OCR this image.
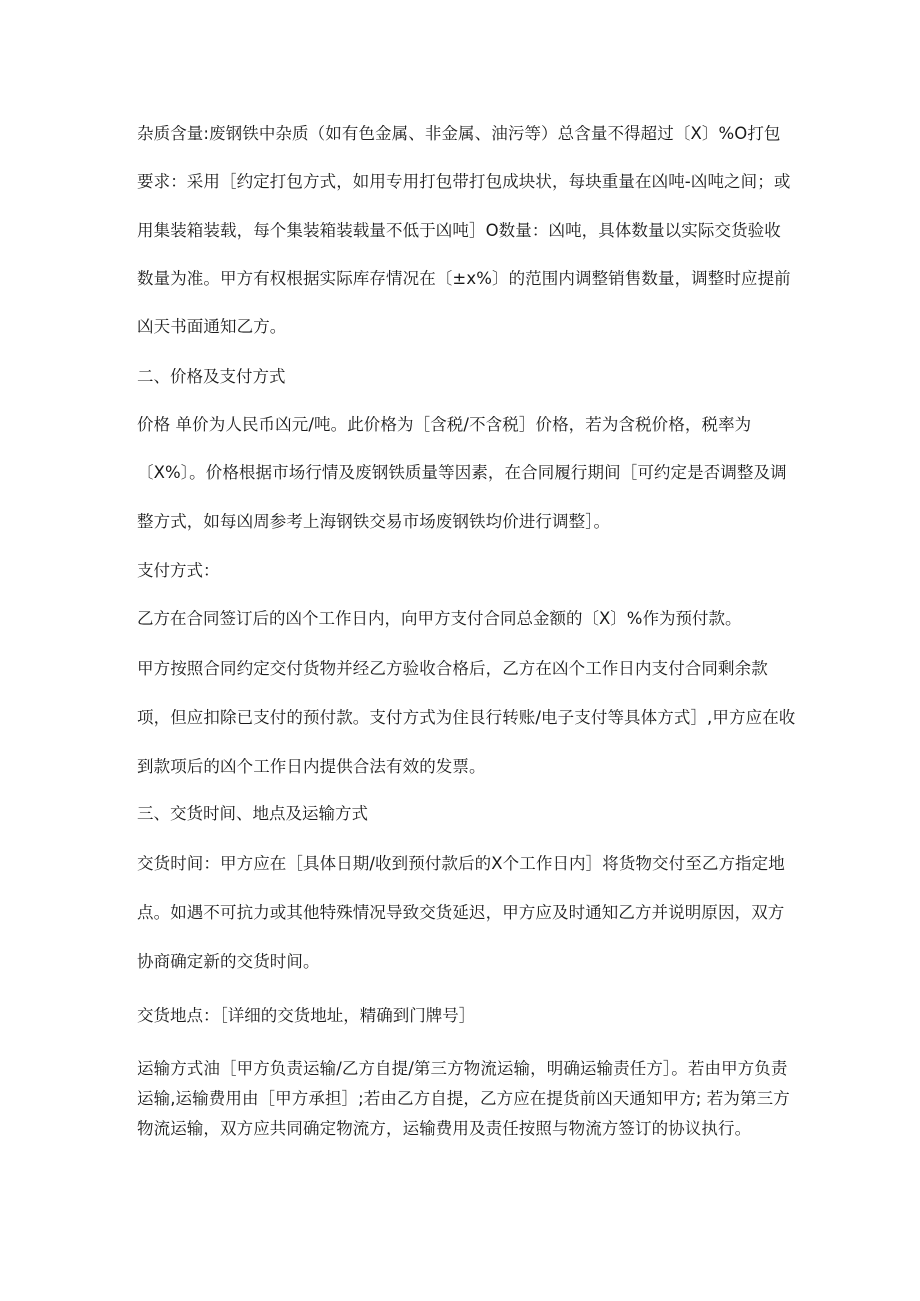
杂质含量:废钢铁中杂质（如有色金属、非金属、油污等）总含量不得超过〔X〕%O打包要求：采用［约定打包方式，如用专用打包带打包成块状，每块重量在凶吨-凶吨之间；或用集装箱装载，每个集装箱装载量不低于凶吨］O数量：凶吨，具体数量以实际交货验收数量为准。甲方有权根据实际库存情况在〔±x%〕的范围内调整销售数量，调整时应提前凶天书面通知乙方。

二、价格及支付方式

价格 单价为人民币凶元/吨。此价格为［含税/不含税］价格，若为含税价格，税率为〔X%〕。价格根据市场行情及废钢铁质量等因素，在合同履行期间［可约定是否调整及调整方式，如每凶周参考上海钢铁交易市场废钢铁均价进行调整］。

支付方式：

乙方在合同签订后的凶个工作日内，向甲方支付合同总金额的〔X〕%作为预付款。

甲方按照合同约定交付货物并经乙方验收合格后，乙方在凶个工作日内支付合同剩余款项，但应扣除已支付的预付款。支付方式为住艮行转账/电子支付等具体方式］,甲方应在收到款项后的凶个工作日内提供合法有效的发票。

三、交货时间、地点及运输方式

交货时间：甲方应在［具体日期/收到预付款后的X个工作日内］将货物交付至乙方指定地点。如遇不可抗力或其他特殊情况导致交货延迟，甲方应及时通知乙方并说明原因，双方协商确定新的交货时间。

交货地点：［详细的交货地址，精确到门牌号］

运输方式油［甲方负责运输/乙方自提/第三方物流运输，明确运输责任方］。若由甲方负责运输,运输费用由［甲方承担］;若由乙方自提，乙方应在提货前凶天通知甲方; 若为第三方物流运输，双方应共同确定物流方，运输费用及责任按照与物流方签订的协议执行。
